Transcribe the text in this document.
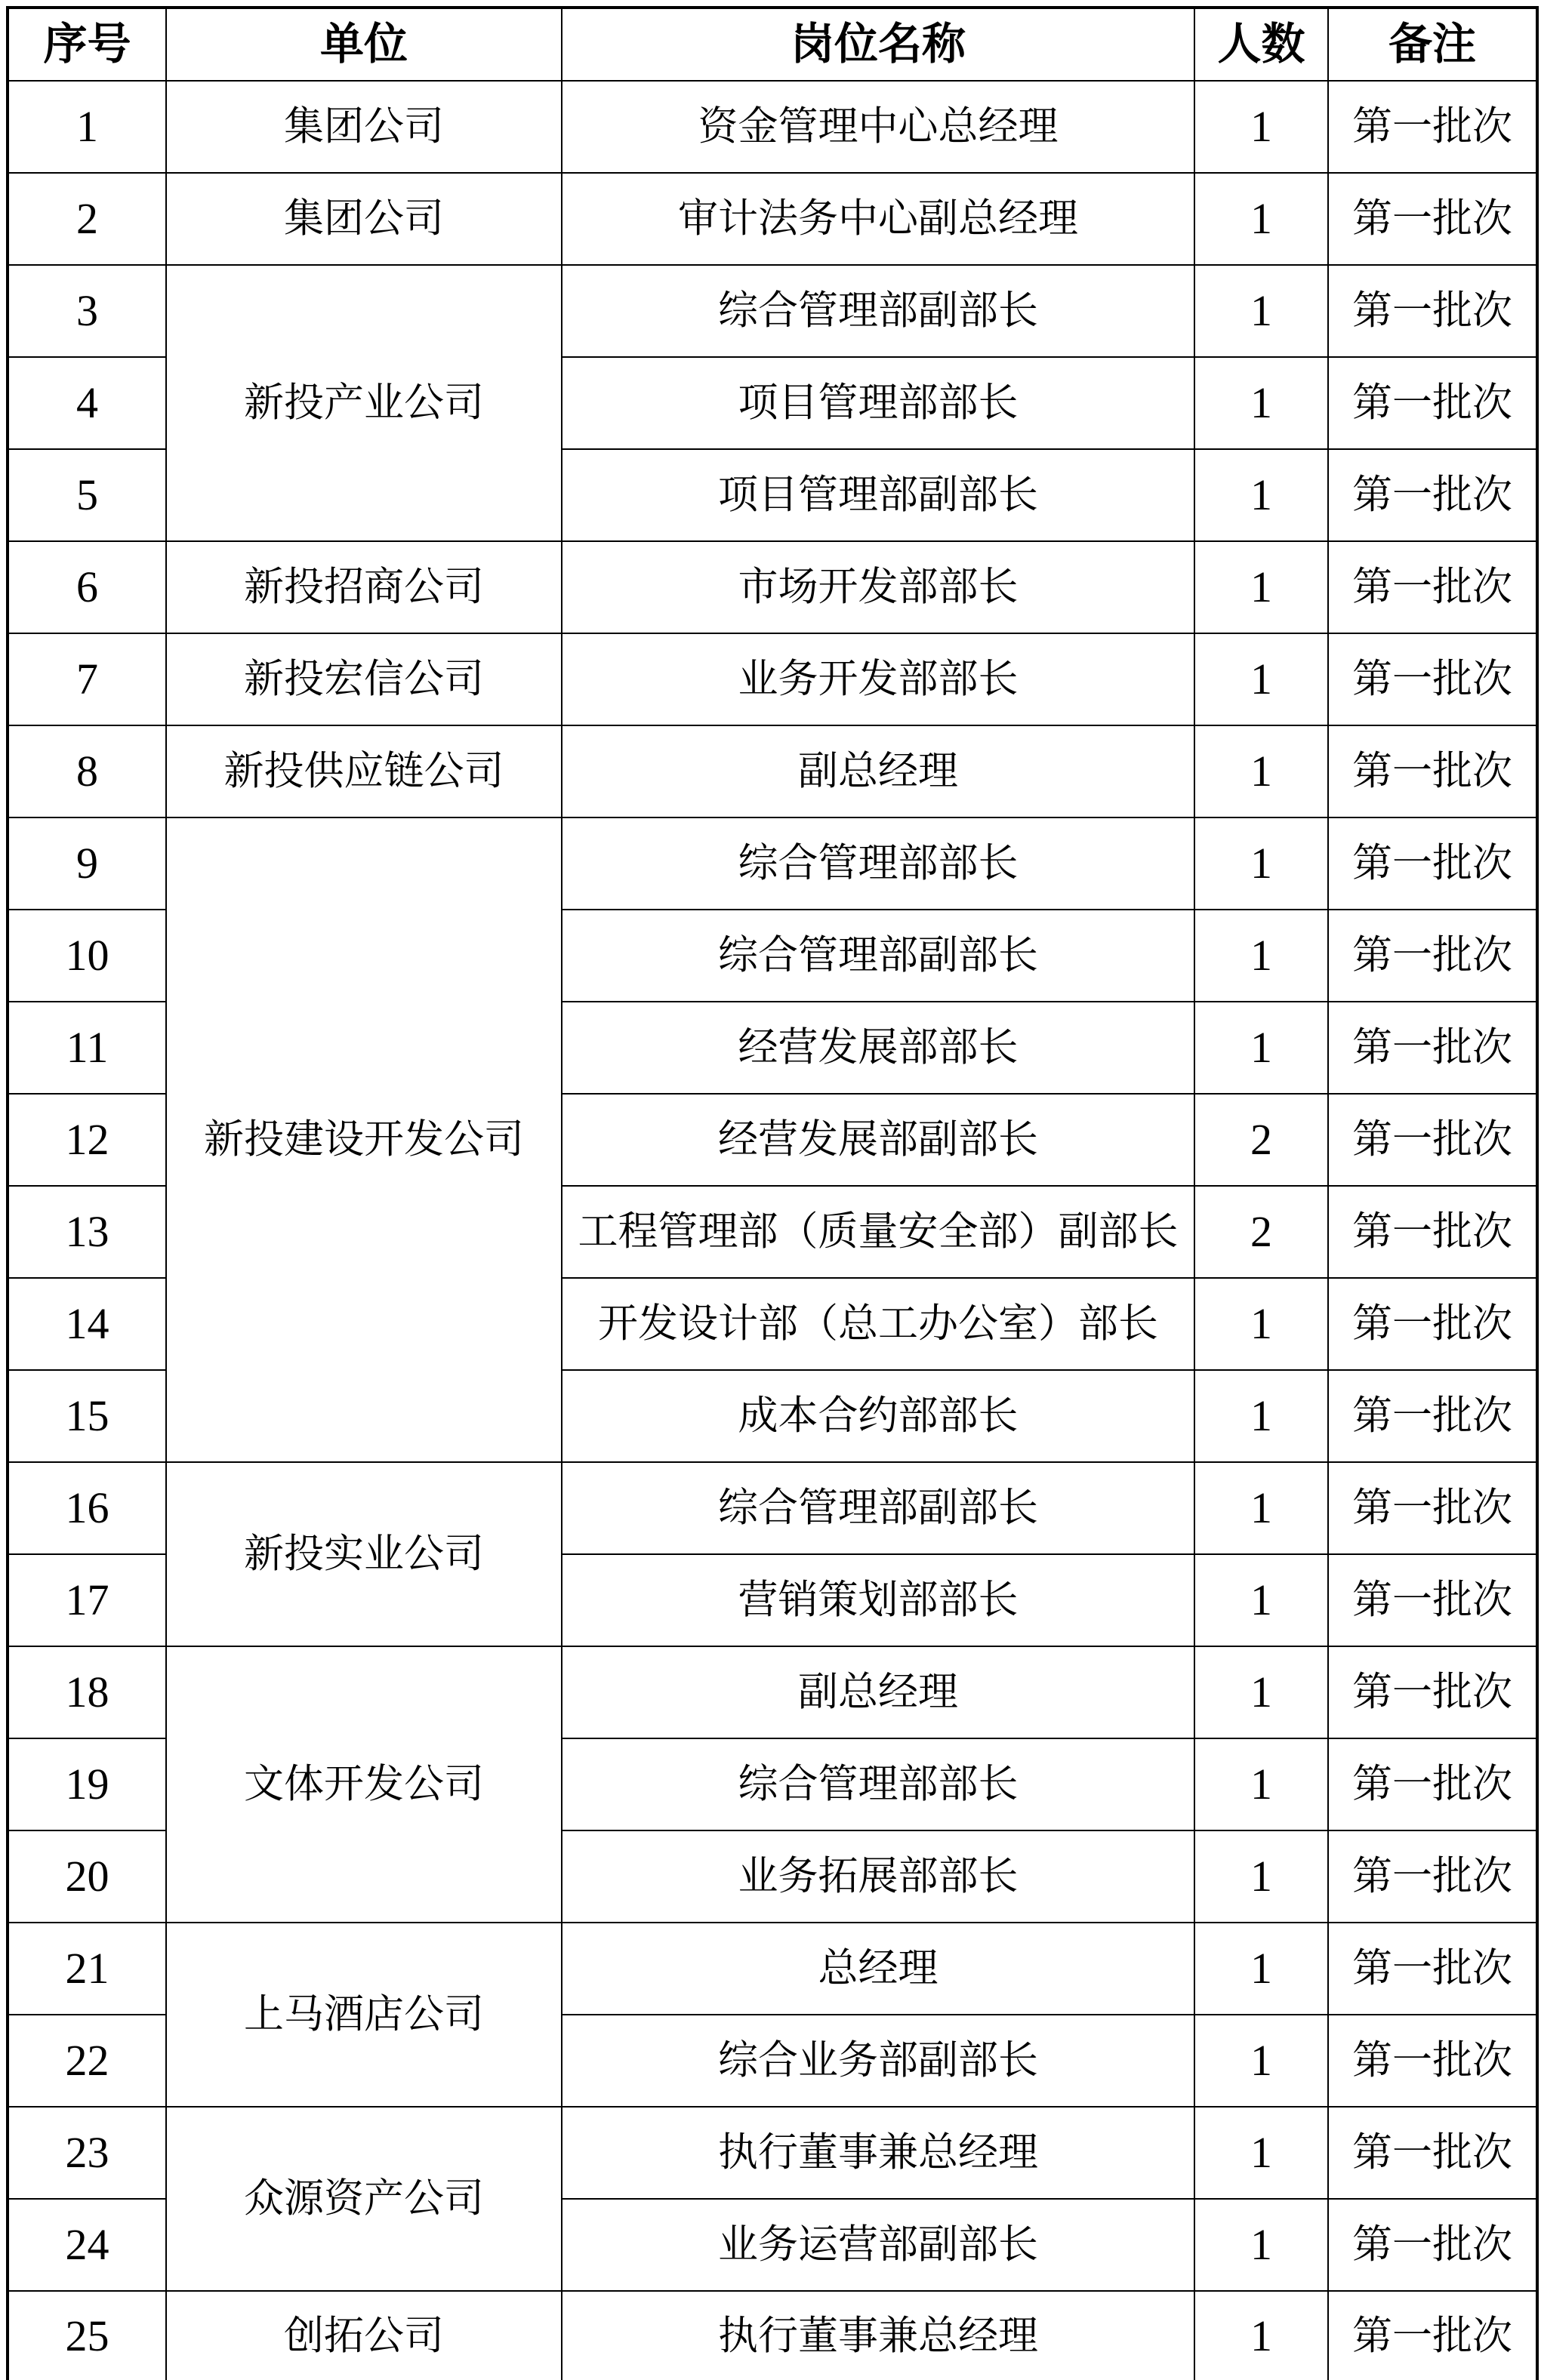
序号	单位	岗位名称	人数	备注
1	集团公司	资金管理中心总经理	1	第一批次
2	集团公司	审计法务中心副总经理	1	第一批次
3	新投产业公司	综合管理部副部长	1	第一批次
4		项目管理部部长	1	第一批次
5		项目管理部副部长	1	第一批次
6	新投招商公司	市场开发部部长	1	第一批次
7	新投宏信公司	业务开发部部长	1	第一批次
8	新投供应链公司	副总经理	1	第一批次
9	新投建设开发公司	综合管理部部长	1	第一批次
10		综合管理部副部长	1	第一批次
11		经营发展部部长	1	第一批次
12		经营发展部副部长	2	第一批次
13		工程管理部（质量安全部）副部长	2	第一批次
14		开发设计部（总工办公室）部长	1	第一批次
15		成本合约部部长	1	第一批次
16	新投实业公司	综合管理部副部长	1	第一批次
17		营销策划部部长	1	第一批次
18	文体开发公司	副总经理	1	第一批次
19		综合管理部部长	1	第一批次
20		业务拓展部部长	1	第一批次
21	上马酒店公司	总经理	1	第一批次
22		综合业务部副部长	1	第一批次
23	众源资产公司	执行董事兼总经理	1	第一批次
24		业务运营部副部长	1	第一批次
25	创拓公司	执行董事兼总经理	1	第一批次
